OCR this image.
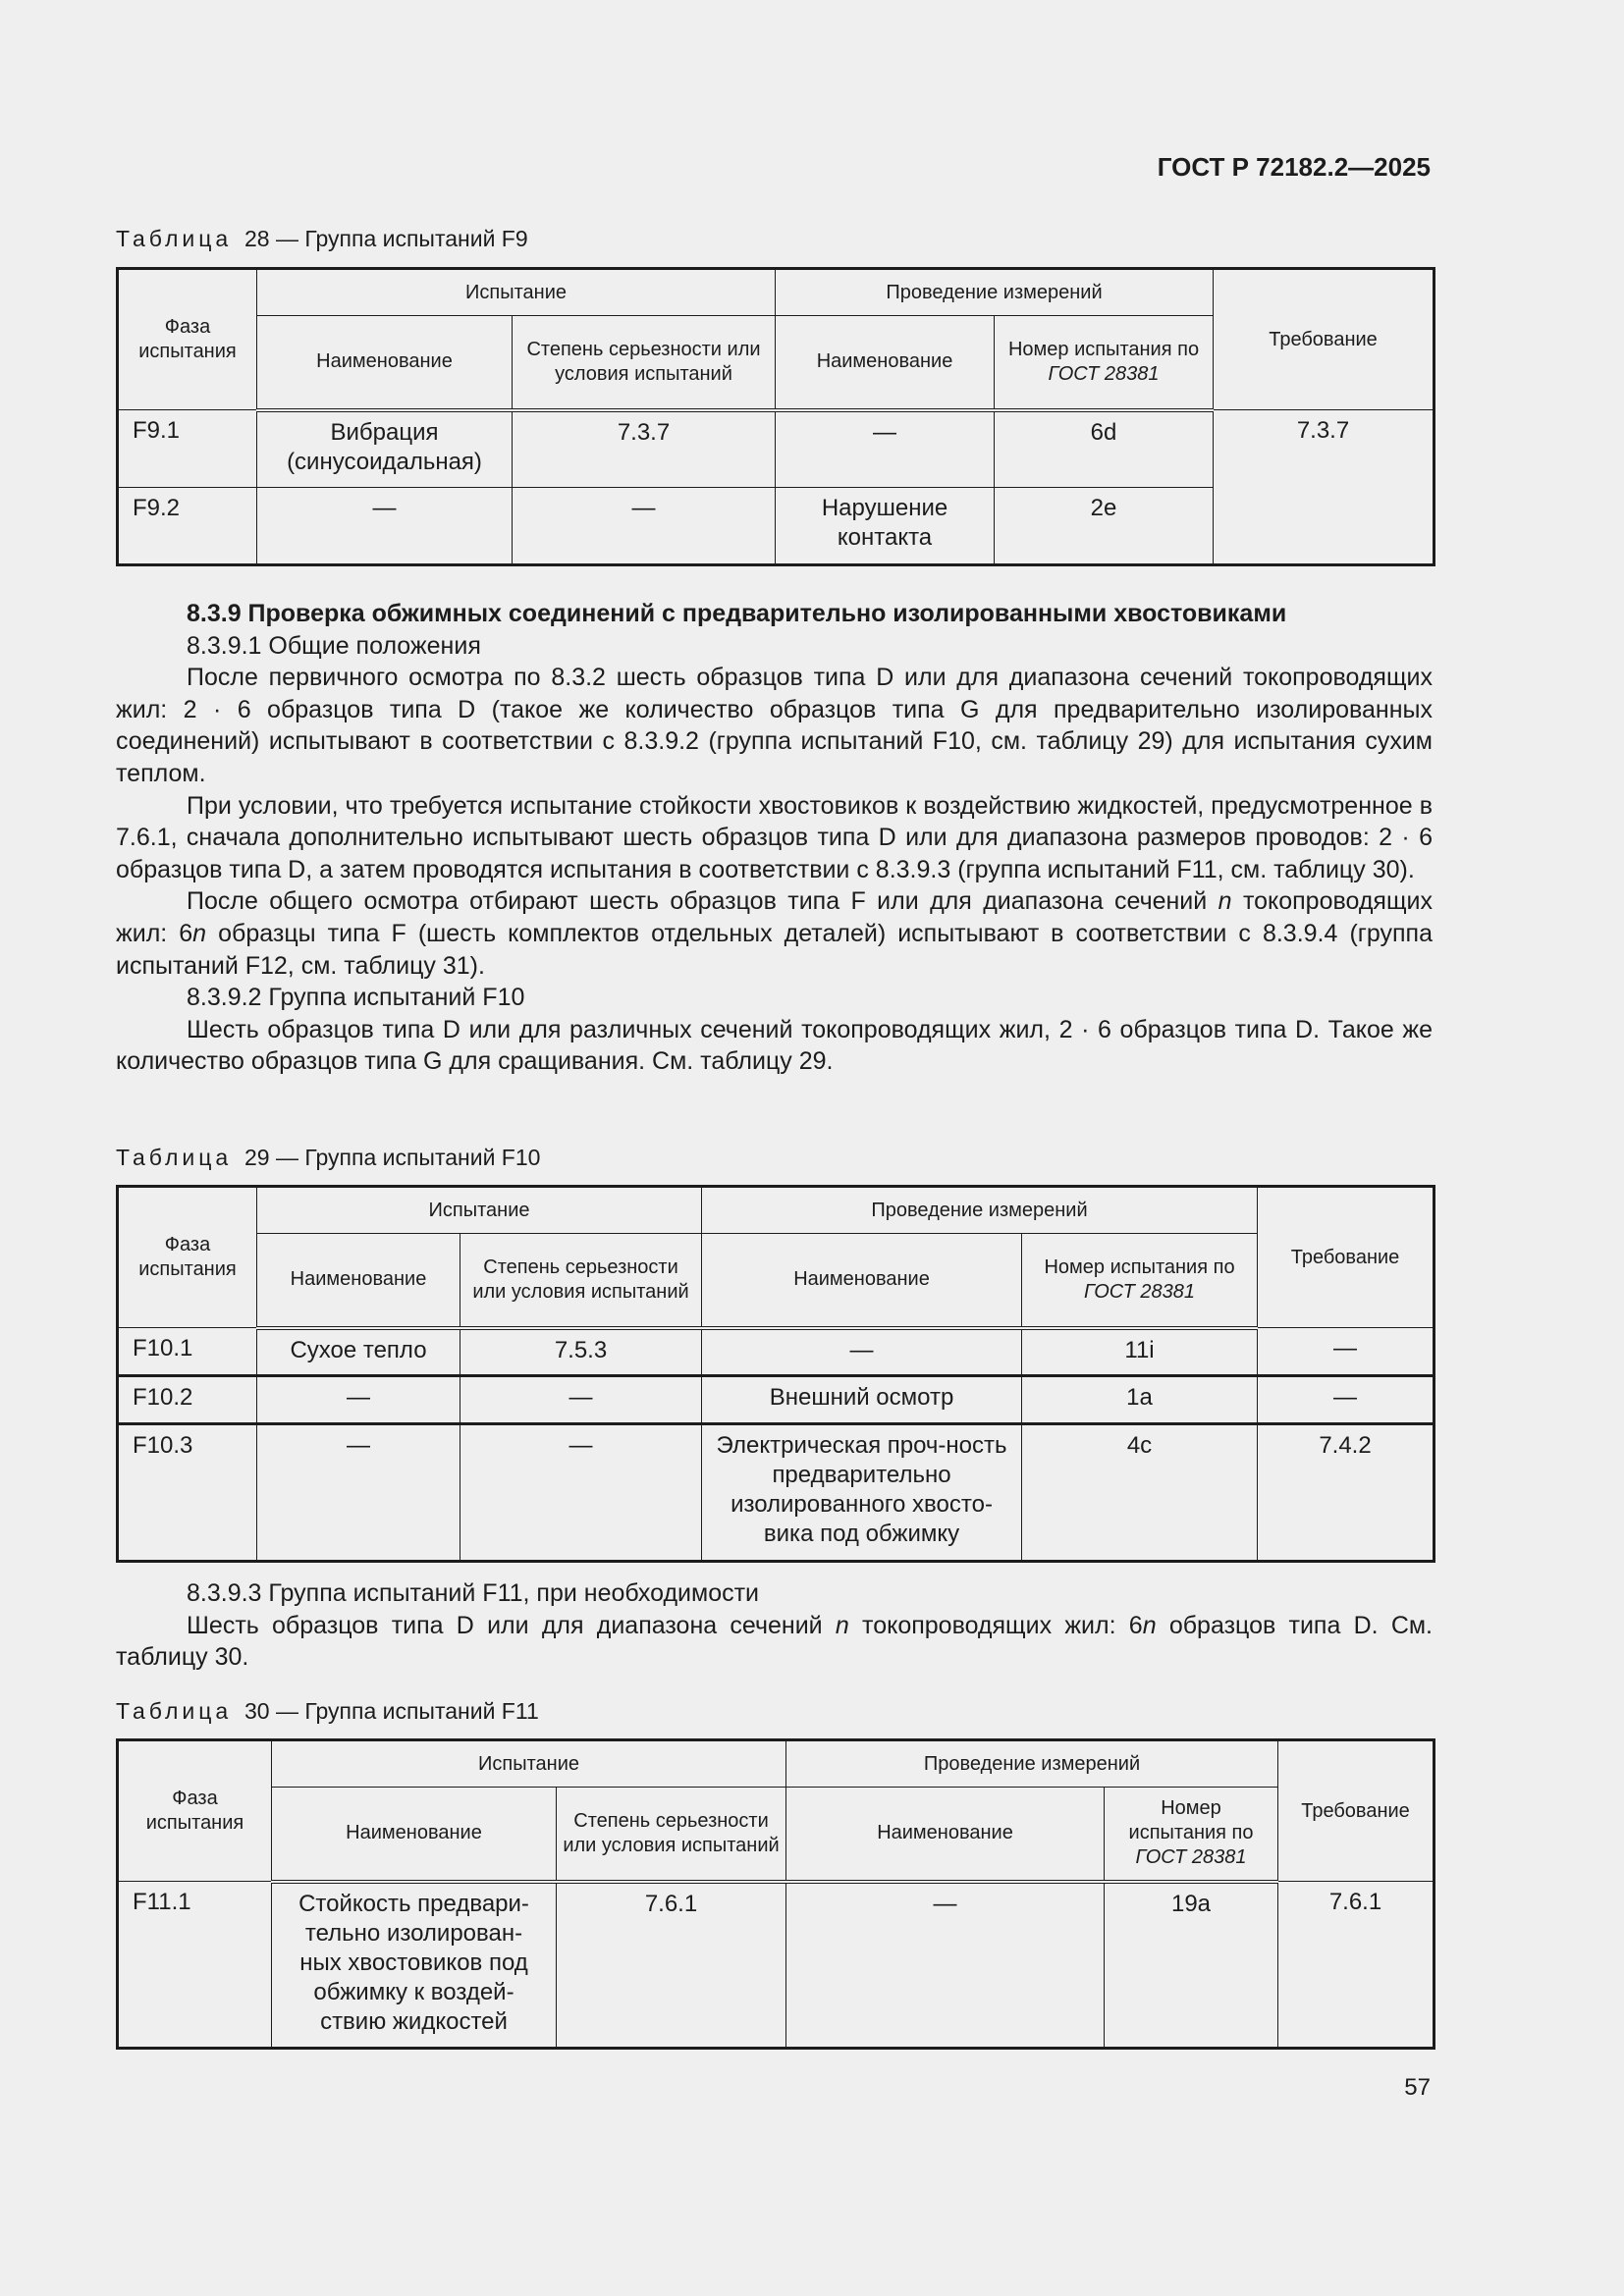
ГОСТ Р 72182.2—2025
Таблица 28 — Группа испытаний F9
Фаза испытания	Испытание		Проведение измерений		Требование
	Наименование	Степень серьезности или условия испытаний	Наименование	Номер испытания по ГОСТ 28381	
F9.1	Вибрация (синусоидальная)	7.3.7	—	6d	7.3.7
F9.2	—	—	Нарушение контакта	2e	

8.3.9 Проверка обжимных соединений с предварительно изолированными хвостовиками

8.3.9.1 Общие положения

После первичного осмотра по 8.3.2 шесть образцов типа D или для диапазона сечений токопроводящих жил: 2 · 6 образцов типа D (такое же количество образцов типа G для предварительно изолированных соединений) испытывают в соответствии с 8.3.9.2 (группа испытаний F10, см. таблицу 29) для испытания сухим теплом.

При условии, что требуется испытание стойкости хвостовиков к воздействию жидкостей, предусмотренное в 7.6.1, сначала дополнительно испытывают шесть образцов типа D или для диапазона размеров проводов: 2 · 6 образцов типа D, а затем проводятся испытания в соответствии с 8.3.9.3 (группа испытаний F11, см. таблицу 30).

После общего осмотра отбирают шесть образцов типа F или для диапазона сечений n токопроводящих жил: 6n образцы типа F (шесть комплектов отдельных деталей) испытывают в соответствии с 8.3.9.4 (группа испытаний F12, см. таблицу 31).

8.3.9.2 Группа испытаний F10

Шесть образцов типа D или для различных сечений токопроводящих жил, 2 · 6 образцов типа D. Такое же количество образцов типа G для сращивания. См. таблицу 29.

Таблица 29 — Группа испытаний F10
Фаза испытания	Испытание		Проведение измерений		Требование
	Наименование	Степень серьезности или условия испытаний	Наименование	Номер испытания по ГОСТ 28381	
F10.1	Сухое тепло	7.5.3	—	11i	—
F10.2	—	—	Внешний осмотр	1a	—
F10.3	—	—	Электрическая проч-ность предварительно изолированного хвосто-вика под обжимку	4c	7.4.2

8.3.9.3 Группа испытаний F11, при необходимости

Шесть образцов типа D или для диапазона сечений n токопроводящих жил: 6n образцов типа D. См. таблицу 30.

Таблица 30 — Группа испытаний F11
Фаза испытания	Испытание		Проведение измерений		Требование
	Наименование	Степень серьезности или условия испытаний	Наименование	Номер испытания по ГОСТ 28381	
F11.1	Стойкость предвари-тельно изолирован-ных хвостовиков под обжимку к воздей-ствию жидкостей	7.6.1	—	19a	7.6.1
57
